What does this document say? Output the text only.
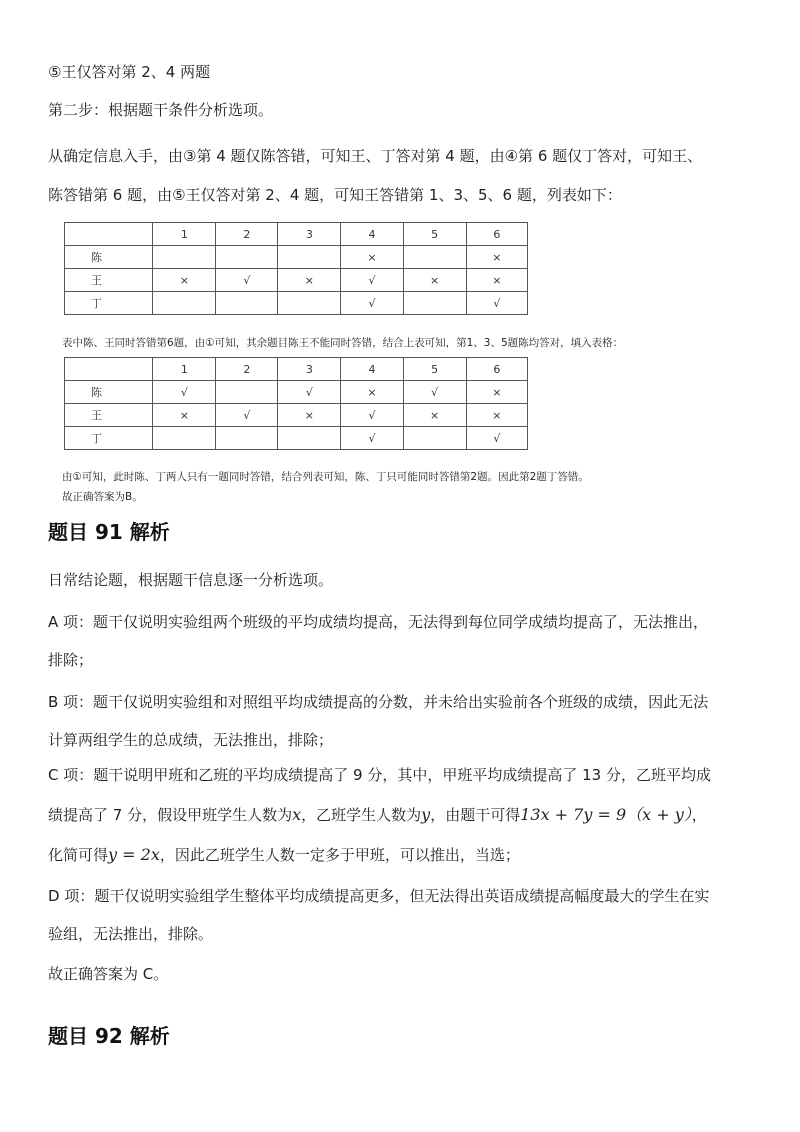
⑤王仅答对第 2、4 两题
第二步：根据题干条件分析选项。
从确定信息入手，由③第 4 题仅陈答错，可知王、丁答对第 4 题，由④第 6 题仅丁答对，可知王、
陈答错第 6 题，由⑤王仅答对第 2、4 题，可知王答错第 1、3、5、6 题，列表如下：
	1	2	3	4	5	6
陈				×		×
王	×	√	×	√	×	×
丁				√		√
表中陈、王同时答错第6题，由①可知，其余题目陈王不能同时答错，结合上表可知，第1、3、5题陈均答对，填入表格：
	1	2	3	4	5	6
陈	√		√	×	√	×
王	×	√	×	√	×	×
丁				√		√
由①可知，此时陈、丁两人只有一题同时答错，结合列表可知，陈、丁只可能同时答错第2题。因此第2题丁答错。
故正确答案为B。
题目 91 解析
日常结论题，根据题干信息逐一分析选项。
A 项：题干仅说明实验组两个班级的平均成绩均提高，无法得到每位同学成绩均提高了，无法推出，
排除；
B 项：题干仅说明实验组和对照组平均成绩提高的分数，并未给出实验前各个班级的成绩，因此无法
计算两组学生的总成绩，无法推出，排除；
C 项：题干说明甲班和乙班的平均成绩提高了 9 分，其中，甲班平均成绩提高了 13 分，乙班平均成
绩提高了 7 分，假设甲班学生人数为x，乙班学生人数为y，由题干可得13x + 7y = 9（x + y），
化简可得y = 2x，因此乙班学生人数一定多于甲班，可以推出，当选；
D 项：题干仅说明实验组学生整体平均成绩提高更多，但无法得出英语成绩提高幅度最大的学生在实
验组，无法推出，排除。
故正确答案为 C。
题目 92 解析
